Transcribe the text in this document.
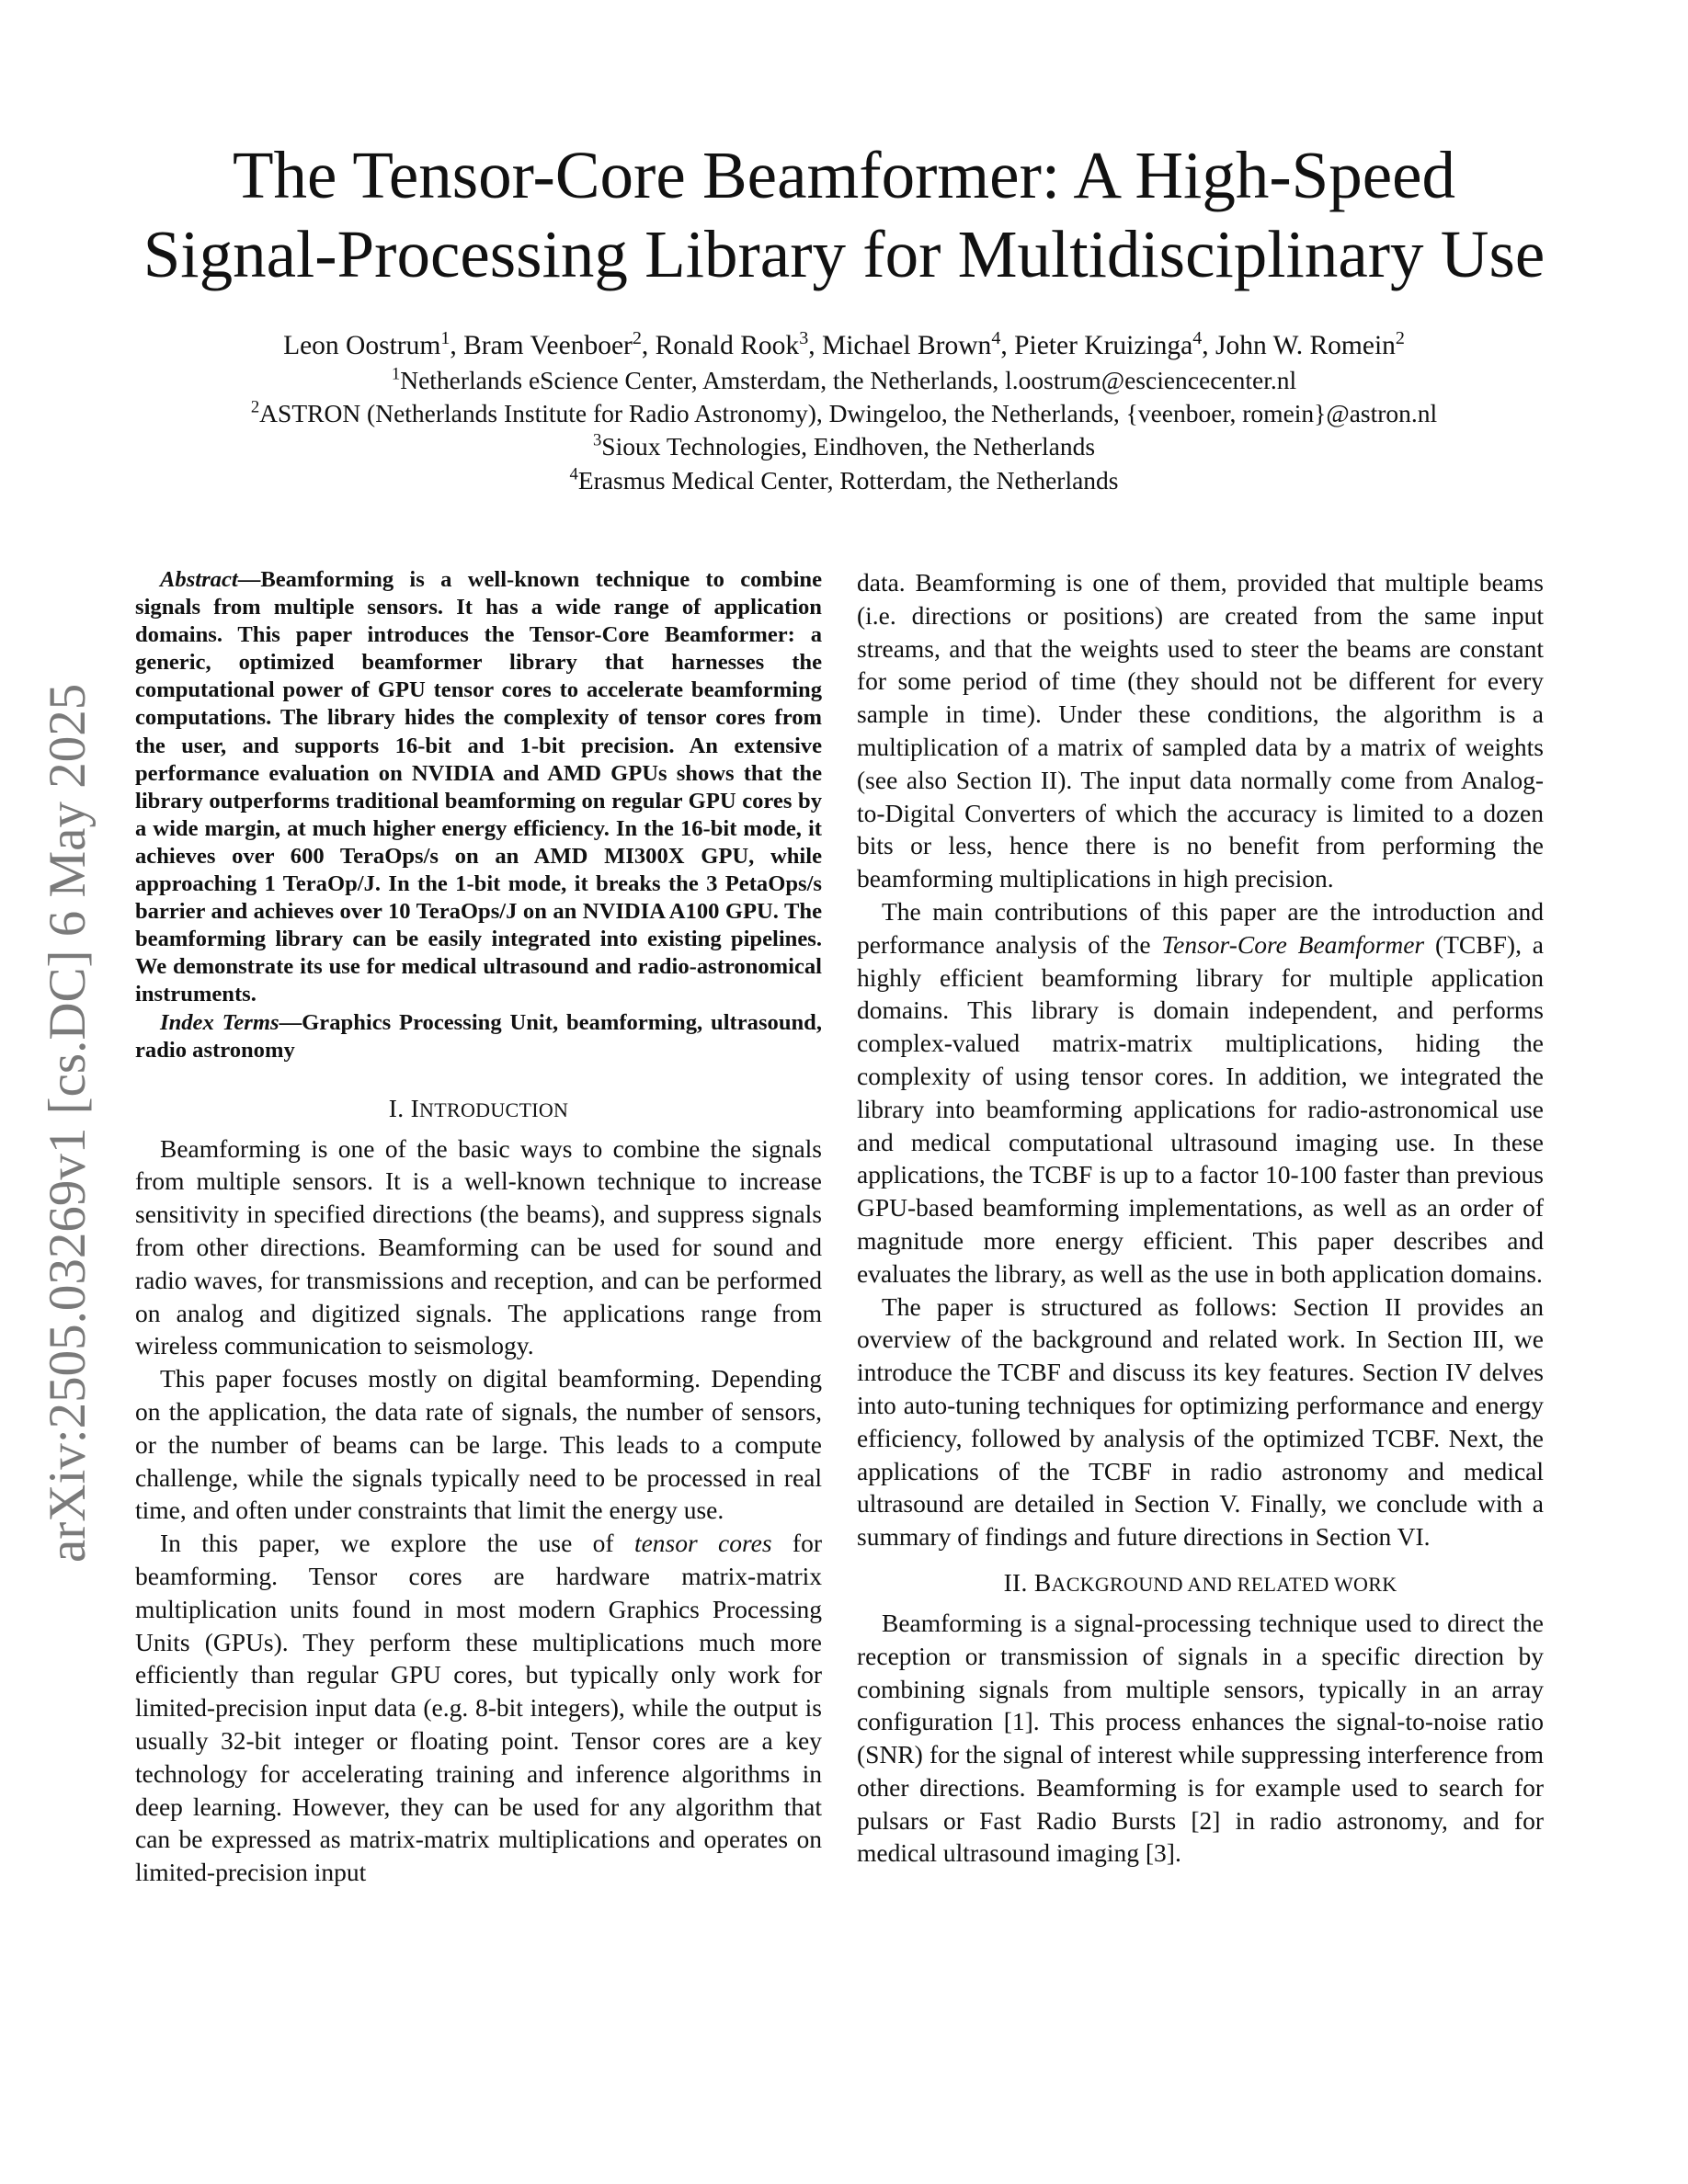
arXiv:2505.03269v1 [cs.DC] 6 May 2025
The Tensor-Core Beamformer: A High-Speed
Signal-Processing Library for Multidisciplinary Use
Leon Oostrum$^1$, Bram Veenboer$^2$, Ronald Rook$^3$, Michael Brown$^4$, Pieter Kruizinga$^4$, John W. Romein$^2$
$^1$Netherlands eScience Center, Amsterdam, the Netherlands, l.oostrum@esciencecenter.nl
$^2$ASTRON (Netherlands Institute for Radio Astronomy), Dwingeloo, the Netherlands, {veenboer, romein}@astron.nl
$^3$Sioux Technologies, Eindhoven, the Netherlands
$^4$Erasmus Medical Center, Rotterdam, the Netherlands

Abstract—Beamforming is a well-known technique to combine signals from multiple sensors. It has a wide range of application domains. This paper introduces the Tensor-Core Beamformer: a generic, optimized beamformer library that harnesses the computational power of GPU tensor cores to accelerate beamforming computations. The library hides the complexity of tensor cores from the user, and supports 16-bit and 1-bit precision. An extensive performance evaluation on NVIDIA and AMD GPUs shows that the library outperforms traditional beamforming on regular GPU cores by a wide margin, at much higher energy efficiency. In the 16-bit mode, it achieves over 600 TeraOps/s on an AMD MI300X GPU, while approaching 1 TeraOp/J. In the 1-bit mode, it breaks the 3 PetaOps/s barrier and achieves over 10 TeraOps/J on an NVIDIA A100 GPU. The beamforming library can be easily integrated into existing pipelines. We demonstrate its use for medical ultrasound and radio-astronomical instruments.

Index Terms—Graphics Processing Unit, beamforming, ultrasound, radio astronomy

I. INTRODUCTION

Beamforming is one of the basic ways to combine the signals from multiple sensors. It is a well-known technique to increase sensitivity in specified directions (the beams), and suppress signals from other directions. Beamforming can be used for sound and radio waves, for transmissions and reception, and can be performed on analog and digitized signals. The applications range from wireless communication to seismology.

This paper focuses mostly on digital beamforming. Depending on the application, the data rate of signals, the number of sensors, or the number of beams can be large. This leads to a compute challenge, while the signals typically need to be processed in real time, and often under constraints that limit the energy use.

In this paper, we explore the use of tensor cores for beamforming. Tensor cores are hardware matrix-matrix multiplication units found in most modern Graphics Processing Units (GPUs). They perform these multiplications much more efficiently than regular GPU cores, but typically only work for limited-precision input data (e.g. 8-bit integers), while the output is usually 32-bit integer or floating point. Tensor cores are a key technology for accelerating training and inference algorithms in deep learning. However, they can be used for any algorithm that can be expressed as matrix-matrix multiplications and operates on limited-precision input

data. Beamforming is one of them, provided that multiple beams (i.e. directions or positions) are created from the same input streams, and that the weights used to steer the beams are constant for some period of time (they should not be different for every sample in time). Under these conditions, the algorithm is a multiplication of a matrix of sampled data by a matrix of weights (see also Section II). The input data normally come from Analog-to-Digital Converters of which the accuracy is limited to a dozen bits or less, hence there is no benefit from performing the beamforming multiplications in high precision.

The main contributions of this paper are the introduction and performance analysis of the Tensor-Core Beamformer (TCBF), a highly efficient beamforming library for multiple application domains. This library is domain independent, and performs complex-valued matrix-matrix multiplications, hiding the complexity of using tensor cores. In addition, we integrated the library into beamforming applications for radio-astronomical use and medical computational ultrasound imaging use. In these applications, the TCBF is up to a factor 10-100 faster than previous GPU-based beamforming implementations, as well as an order of magnitude more energy efficient. This paper describes and evaluates the library, as well as the use in both application domains.

The paper is structured as follows: Section II provides an overview of the background and related work. In Section III, we introduce the TCBF and discuss its key features. Section IV delves into auto-tuning techniques for optimizing performance and energy efficiency, followed by analysis of the optimized TCBF. Next, the applications of the TCBF in radio astronomy and medical ultrasound are detailed in Section V. Finally, we conclude with a summary of findings and future directions in Section VI.

II. BACKGROUND AND RELATED WORK

Beamforming is a signal-processing technique used to direct the reception or transmission of signals in a specific direction by combining signals from multiple sensors, typically in an array configuration [1]. This process enhances the signal-to-noise ratio (SNR) for the signal of interest while suppressing interference from other directions. Beamforming is for example used to search for pulsars or Fast Radio Bursts [2] in radio astronomy, and for medical ultrasound imaging [3].
